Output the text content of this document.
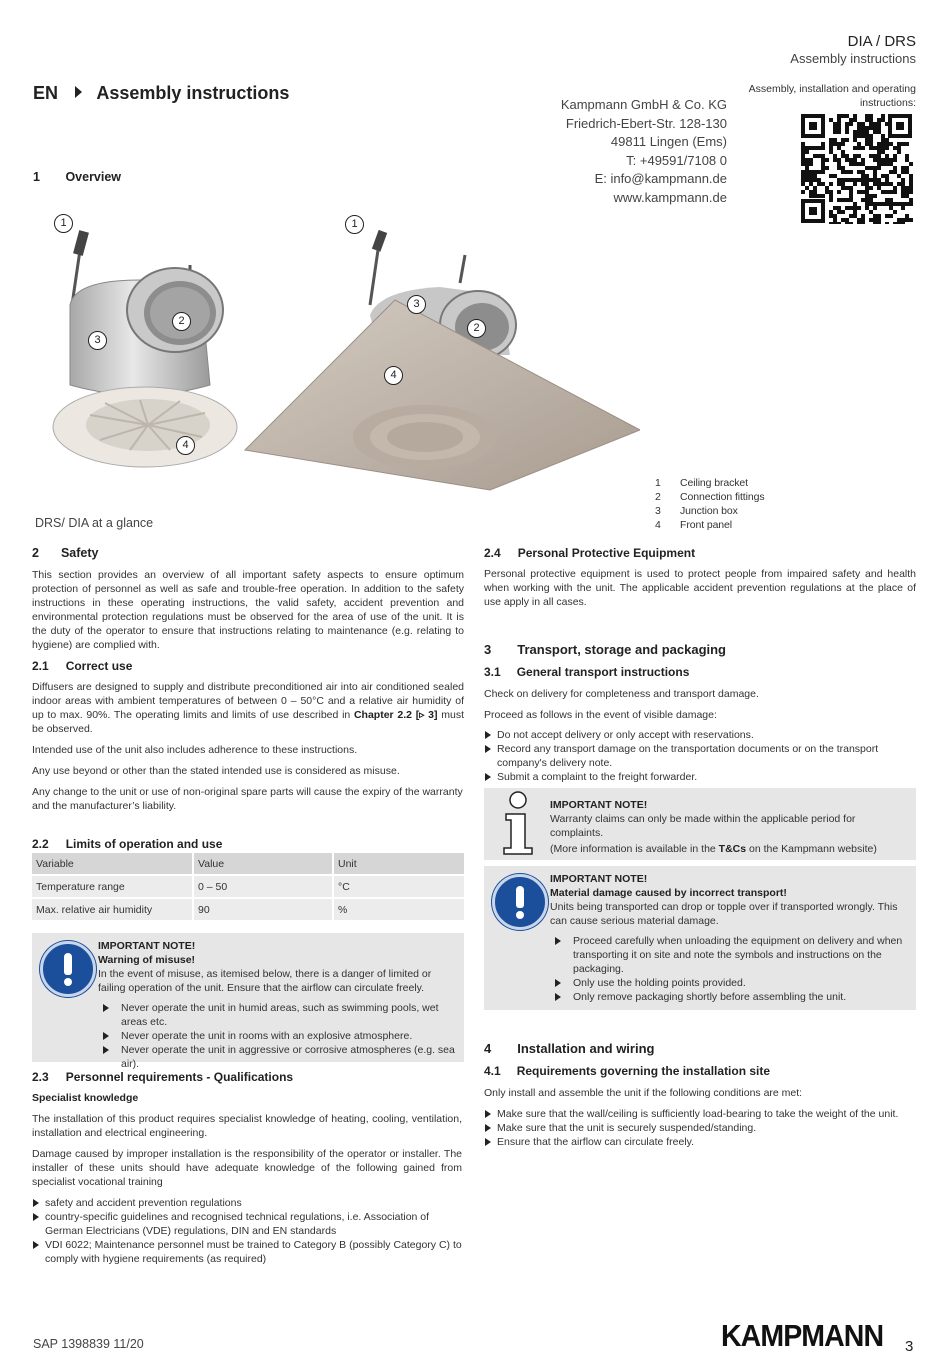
DIA / DRS
Assembly instructions
Assembly, installation and operating instructions:
EN Assembly instructions
Kampmann GmbH & Co. KG
Friedrich-Ebert-Str. 128-130
49811 Lingen (Ems)
T: +49591/7108 0
E: info@kampmann.de
www.kampmann.de
1 Overview
1
2
3
4
1
3
2
4
1 Ceiling bracket
2 Connection fittings
3 Junction box
4 Front panel
DRS/ DIA at a glance
2 Safety

This section provides an overview of all important safety aspects to ensure optimum protection of personnel as well as safe and trouble-free operation. In addition to the safety instructions in these operating instructions, the valid safety, accident prevention and environmental protection regulations must be observed for the area of use of the unit. It is the duty of the operator to ensure that instructions relating to maintenance (e.g. relating to hygiene) are complied with.

2.1 Correct use

Diffusers are designed to supply and distribute preconditioned air into air conditioned sealed indoor areas with ambient temperatures of between 0 – 50°C and a relative air humidity of up to max. 90%. The operating limits and limits of use described in Chapter 2.2 [▹ 3] must be observed.

Intended use of the unit also includes adherence to these instructions.

Any use beyond or other than the stated intended use is considered as misuse.

Any change to the unit or use of non-original spare parts will cause the expiry of the warranty and the manufacturer’s liability.

2.2 Limits of operation and use
Variable	Value	Unit
Temperature range	0 – 50	°C
Max. relative air humidity	90	%
IMPORTANT NOTE!
Warning of misuse!
In the event of misuse, as itemised below, there is a danger of limited or failing operation of the unit. Ensure that the airflow can circulate freely.
Never operate the unit in humid areas, such as swimming pools, wet areas etc.
Never operate the unit in rooms with an explosive atmosphere.
Never operate the unit in aggressive or corrosive atmospheres (e.g. sea air).
2.3 Personnel requirements - Qualifications
Specialist knowledge

The installation of this product requires specialist knowledge of heating, cooling, ventilation, installation and electrical engineering.

Damage caused by improper installation is the responsibility of the operator or installer. The installer of these units should have adequate knowledge of the following gained from specialist vocational training

safety and accident prevention regulations
country-specific guidelines and recognised technical regulations, i.e. Association of German Electricians (VDE) regulations, DIN and EN standards
VDI 6022; Maintenance personnel must be trained to Category B (possibly Category C) to comply with hygiene requirements (as required)
2.4 Personal Protective Equipment

Personal protective equipment is used to protect people from impaired safety and health when working with the unit. The applicable accident prevention regulations at the place of use apply in all cases.

3 Transport, storage and packaging
3.1 General transport instructions

Check on delivery for completeness and transport damage.

Proceed as follows in the event of visible damage:

Do not accept delivery or only accept with reservations.
Record any transport damage on the transportation documents or on the transport company's delivery note.
Submit a complaint to the freight forwarder.
IMPORTANT NOTE!
Warranty claims can only be made within the applicable period for complaints.
(More information is available in the T&Cs on the Kampmann website)
IMPORTANT NOTE!
Material damage caused by incorrect transport!
Units being transported can drop or topple over if transported wrongly. This can cause serious material damage.
Proceed carefully when unloading the equipment on delivery and when transporting it on site and note the symbols and instructions on the packaging.
Only use the holding points provided.
Only remove packaging shortly before assembling the unit.
4 Installation and wiring
4.1 Requirements governing the installation site

Only install and assemble the unit if the following conditions are met:

Make sure that the wall/ceiling is sufficiently load-bearing to take the weight of the unit.
Make sure that the unit is securely suspended/standing.
Ensure that the airflow can circulate freely.
SAP 1398839 11/20	KAMPMANN 3
